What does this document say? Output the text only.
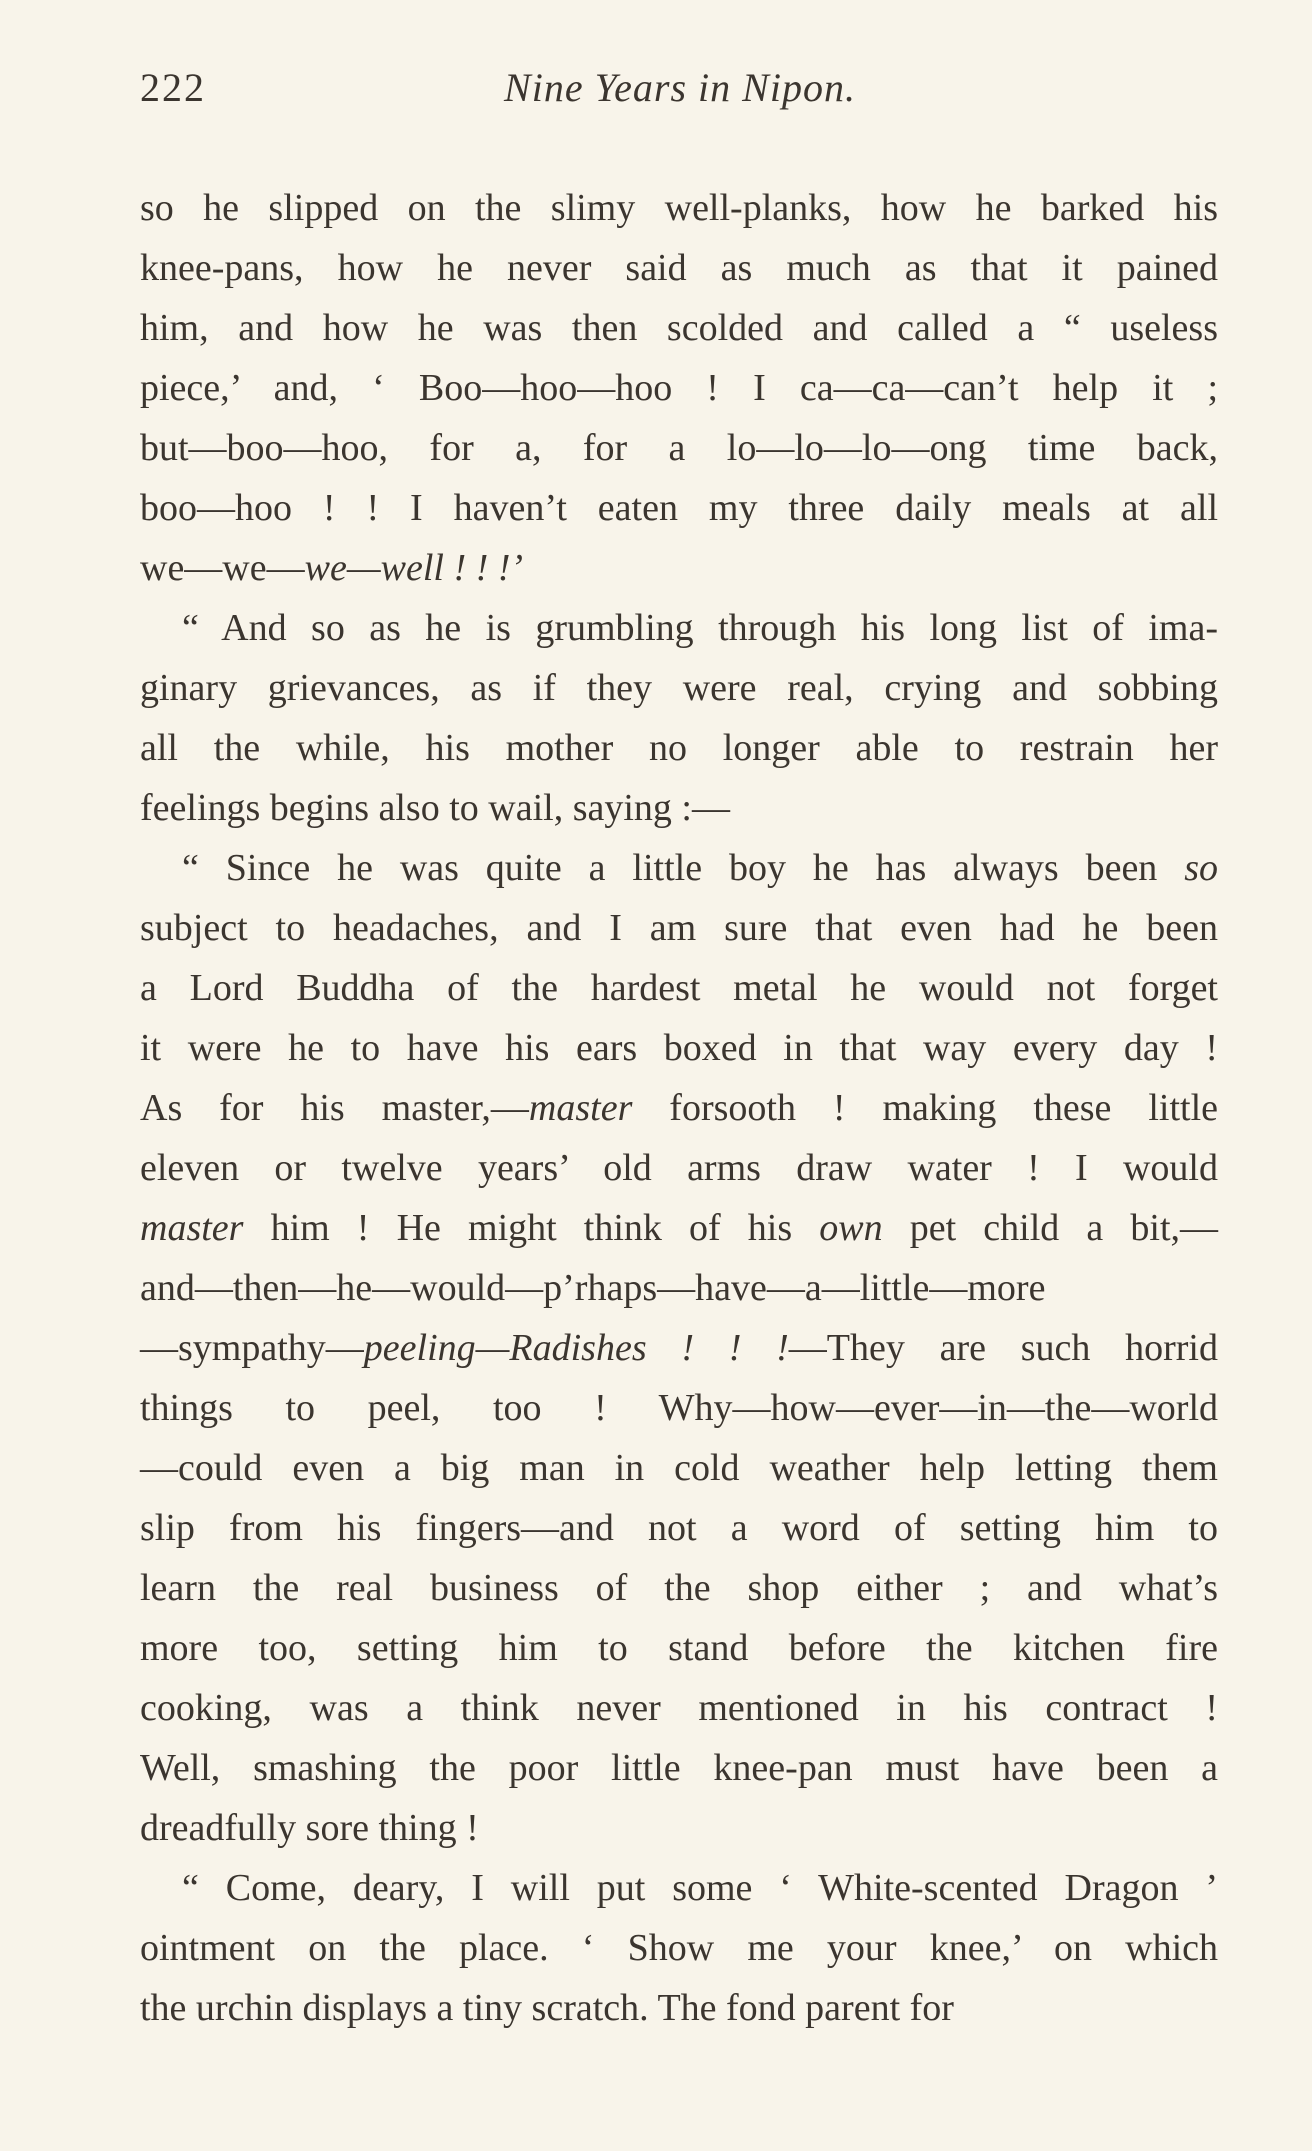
222	Nine Years in Nipon.
so he slipped on the slimy well-planks, how he barked his
knee-pans, how he never said as much as that it pained
him, and how he was then scolded and called a “ useless
piece,’ and, ‘ Boo—hoo—hoo ! I ca—ca—can’t help it ;
but—boo—hoo, for a, for a lo—lo—lo—ong time back,
boo—hoo ! ! I haven’t eaten my three daily meals at all
we—we—we—well ! ! !’
“ And so as he is grumbling through his long list of ima-
ginary grievances, as if they were real, crying and sobbing
all the while, his mother no longer able to restrain her
feelings begins also to wail, saying :—
“ Since he was quite a little boy he has always been so
subject to headaches, and I am sure that even had he been
a Lord Buddha of the hardest metal he would not forget
it were he to have his ears boxed in that way every day !
As for his master,—master forsooth ! making these little
eleven or twelve years’ old arms draw water ! I would
master him ! He might think of his own pet child a bit,—
and—then—he—would—p’rhaps—have—a—little—more
—sympathy—peeling—Radishes ! ! !—They are such horrid
things to peel, too ! Why—how—ever—in—the—world
—could even a big man in cold weather help letting them
slip from his fingers—and not a word of setting him to
learn the real business of the shop either ; and what’s
more too, setting him to stand before the kitchen fire
cooking, was a think never mentioned in his contract !
Well, smashing the poor little knee-pan must have been a
dreadfully sore thing !
“ Come, deary, I will put some ‘ White-scented Dragon ’
ointment on the place. ‘ Show me your knee,’ on which
the urchin displays a tiny scratch. The fond parent for
